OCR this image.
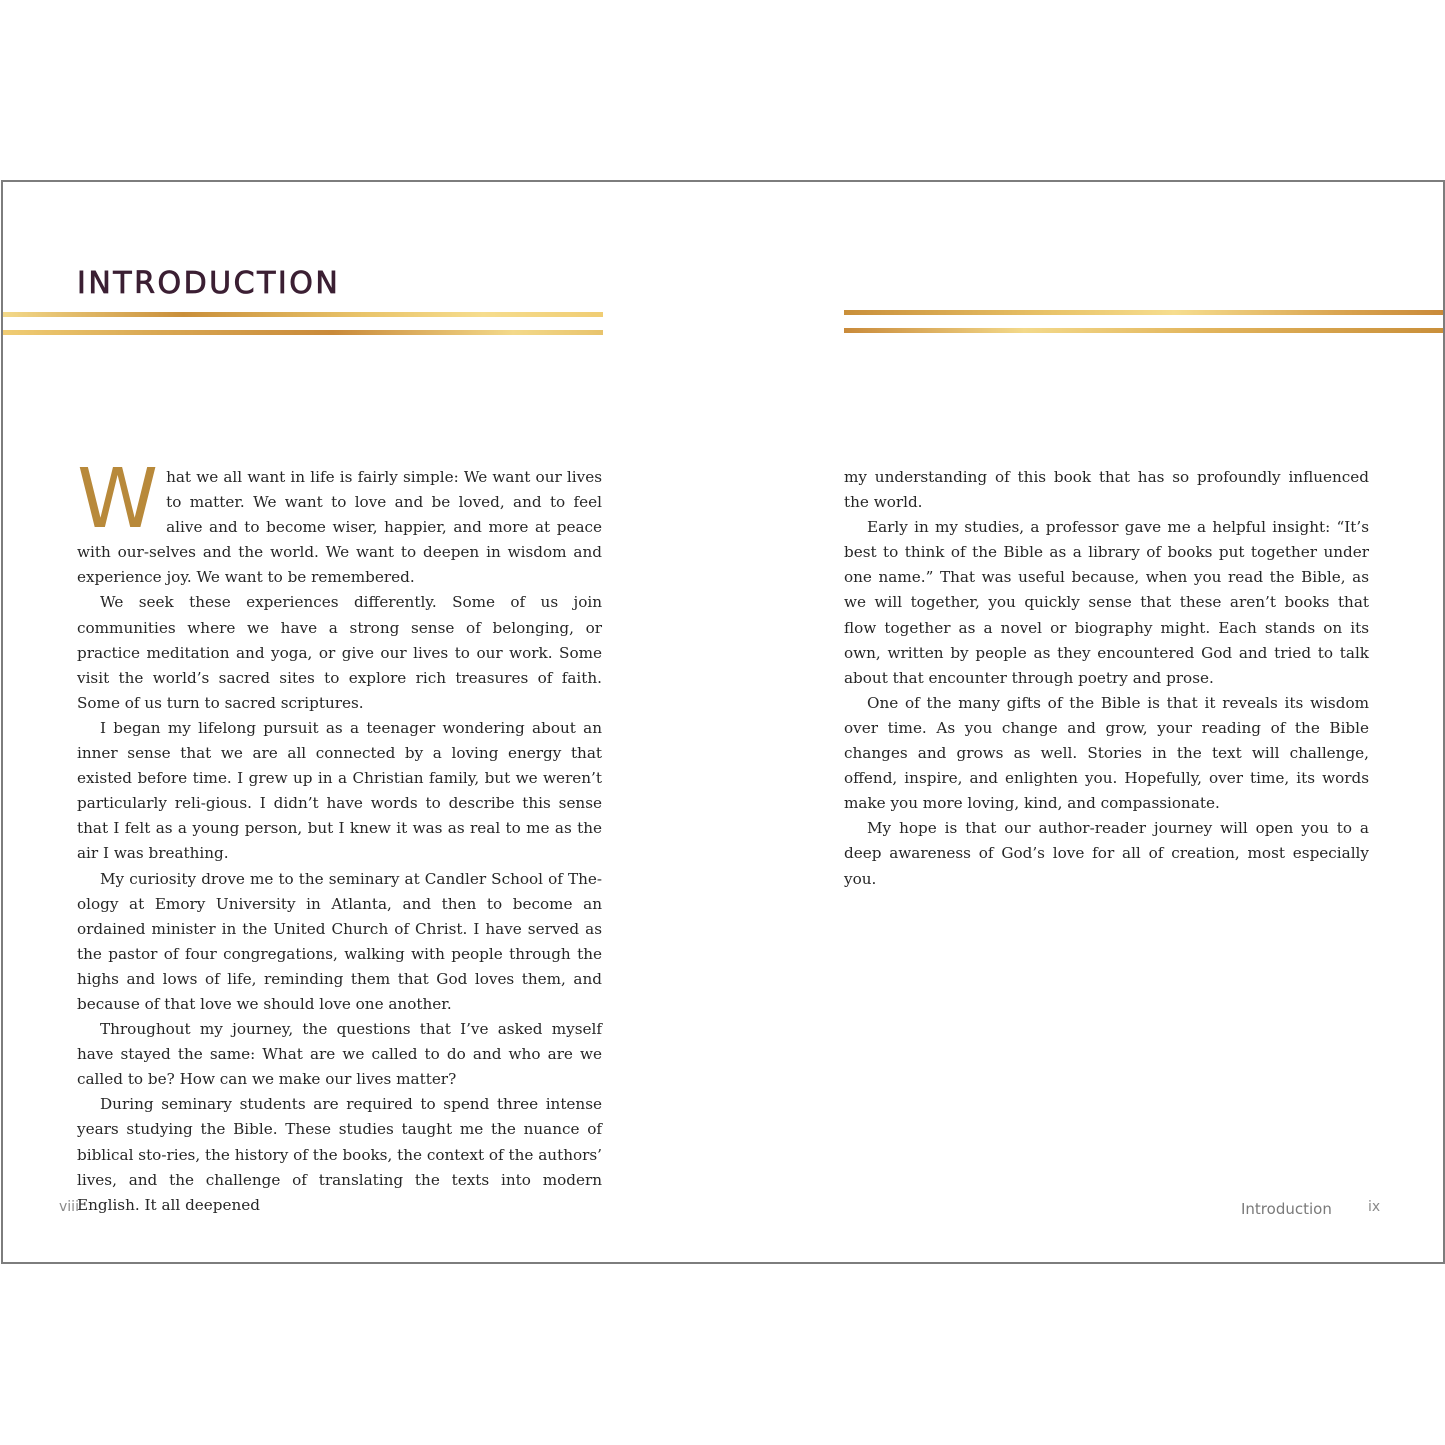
INTRODUCTION

What we all want in life is fairly simple: We want our lives to matter. We want to love and be loved, and to feel alive and to become wiser, happier, and more at peace with our-selves and the world. We want to deepen in wisdom and experience joy. We want to be remembered.

We seek these experiences differently. Some of us join communities where we have a strong sense of belonging, or practice meditation and yoga, or give our lives to our work. Some visit the world’s sacred sites to explore rich treasures of faith. Some of us turn to sacred scriptures.

I began my lifelong pursuit as a teenager wondering about an inner sense that we are all connected by a loving energy that existed before time. I grew up in a Christian family, but we weren’t particularly reli-gious. I didn’t have words to describe this sense that I felt as a young person, but I knew it was as real to me as the air I was breathing.

My curiosity drove me to the seminary at Candler School of The-ology at Emory University in Atlanta, and then to become an ordained minister in the United Church of Christ. I have served as the pastor of four congregations, walking with people through the highs and lows of life, reminding them that God loves them, and because of that love we should love one another.

Throughout my journey, the questions that I’ve asked myself have stayed the same: What are we called to do and who are we called to be? How can we make our lives matter?

During seminary students are required to spend three intense years studying the Bible. These studies taught me the nuance of biblical sto-ries, the history of the books, the context of the authors’ lives, and the challenge of translating the texts into modern English. It all deepened

viii

my understanding of this book that has so profoundly influenced the world.

Early in my studies, a professor gave me a helpful insight: “It’s best to think of the Bible as a library of books put together under one name.” That was useful because, when you read the Bible, as we will together, you quickly sense that these aren’t books that flow together as a novel or biography might. Each stands on its own, written by people as they encountered God and tried to talk about that encounter through poetry and prose.

One of the many gifts of the Bible is that it reveals its wisdom over time. As you change and grow, your reading of the Bible changes and grows as well. Stories in the text will challenge, offend, inspire, and enlighten you. Hopefully, over time, its words make you more loving, kind, and compassionate.

My hope is that our author-reader journey will open you to a deep awareness of God’s love for all of creation, most especially you.

Introduction	ix
